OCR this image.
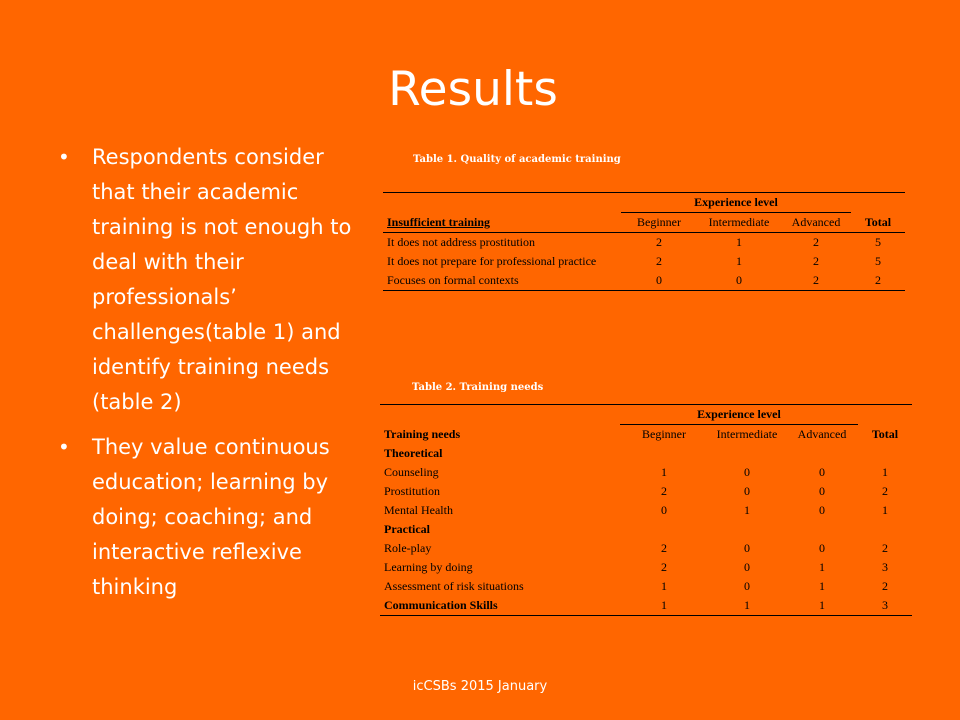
Results
• Respondents consider that their academic training is not enough to deal with their professionals’ challenges(table 1) and identify training needs (table 2)
• They value continuous education; learning by doing; coaching; and interactive reflexive thinking
Table 1. Quality of academic training
	Experience level			
Insufficient training	Beginner	Intermediate	Advanced	Total
It does not address prostitution	2	1	2	5
It does not prepare for professional practice	2	1	2	5
Focuses on formal contexts	0	0	2	2
Table 2. Training needs
	Experience level			
Training needs	Beginner	Intermediate	Advanced	Total
Theoretical				
Counseling	1	0	0	1
Prostitution	2	0	0	2
Mental Health	0	1	0	1
Practical				
Role-play	2	0	0	2
Learning by doing	2	0	1	3
Assessment of risk situations	1	0	1	2
Communication Skills	1	1	1	3
icCSBs 2015 January
